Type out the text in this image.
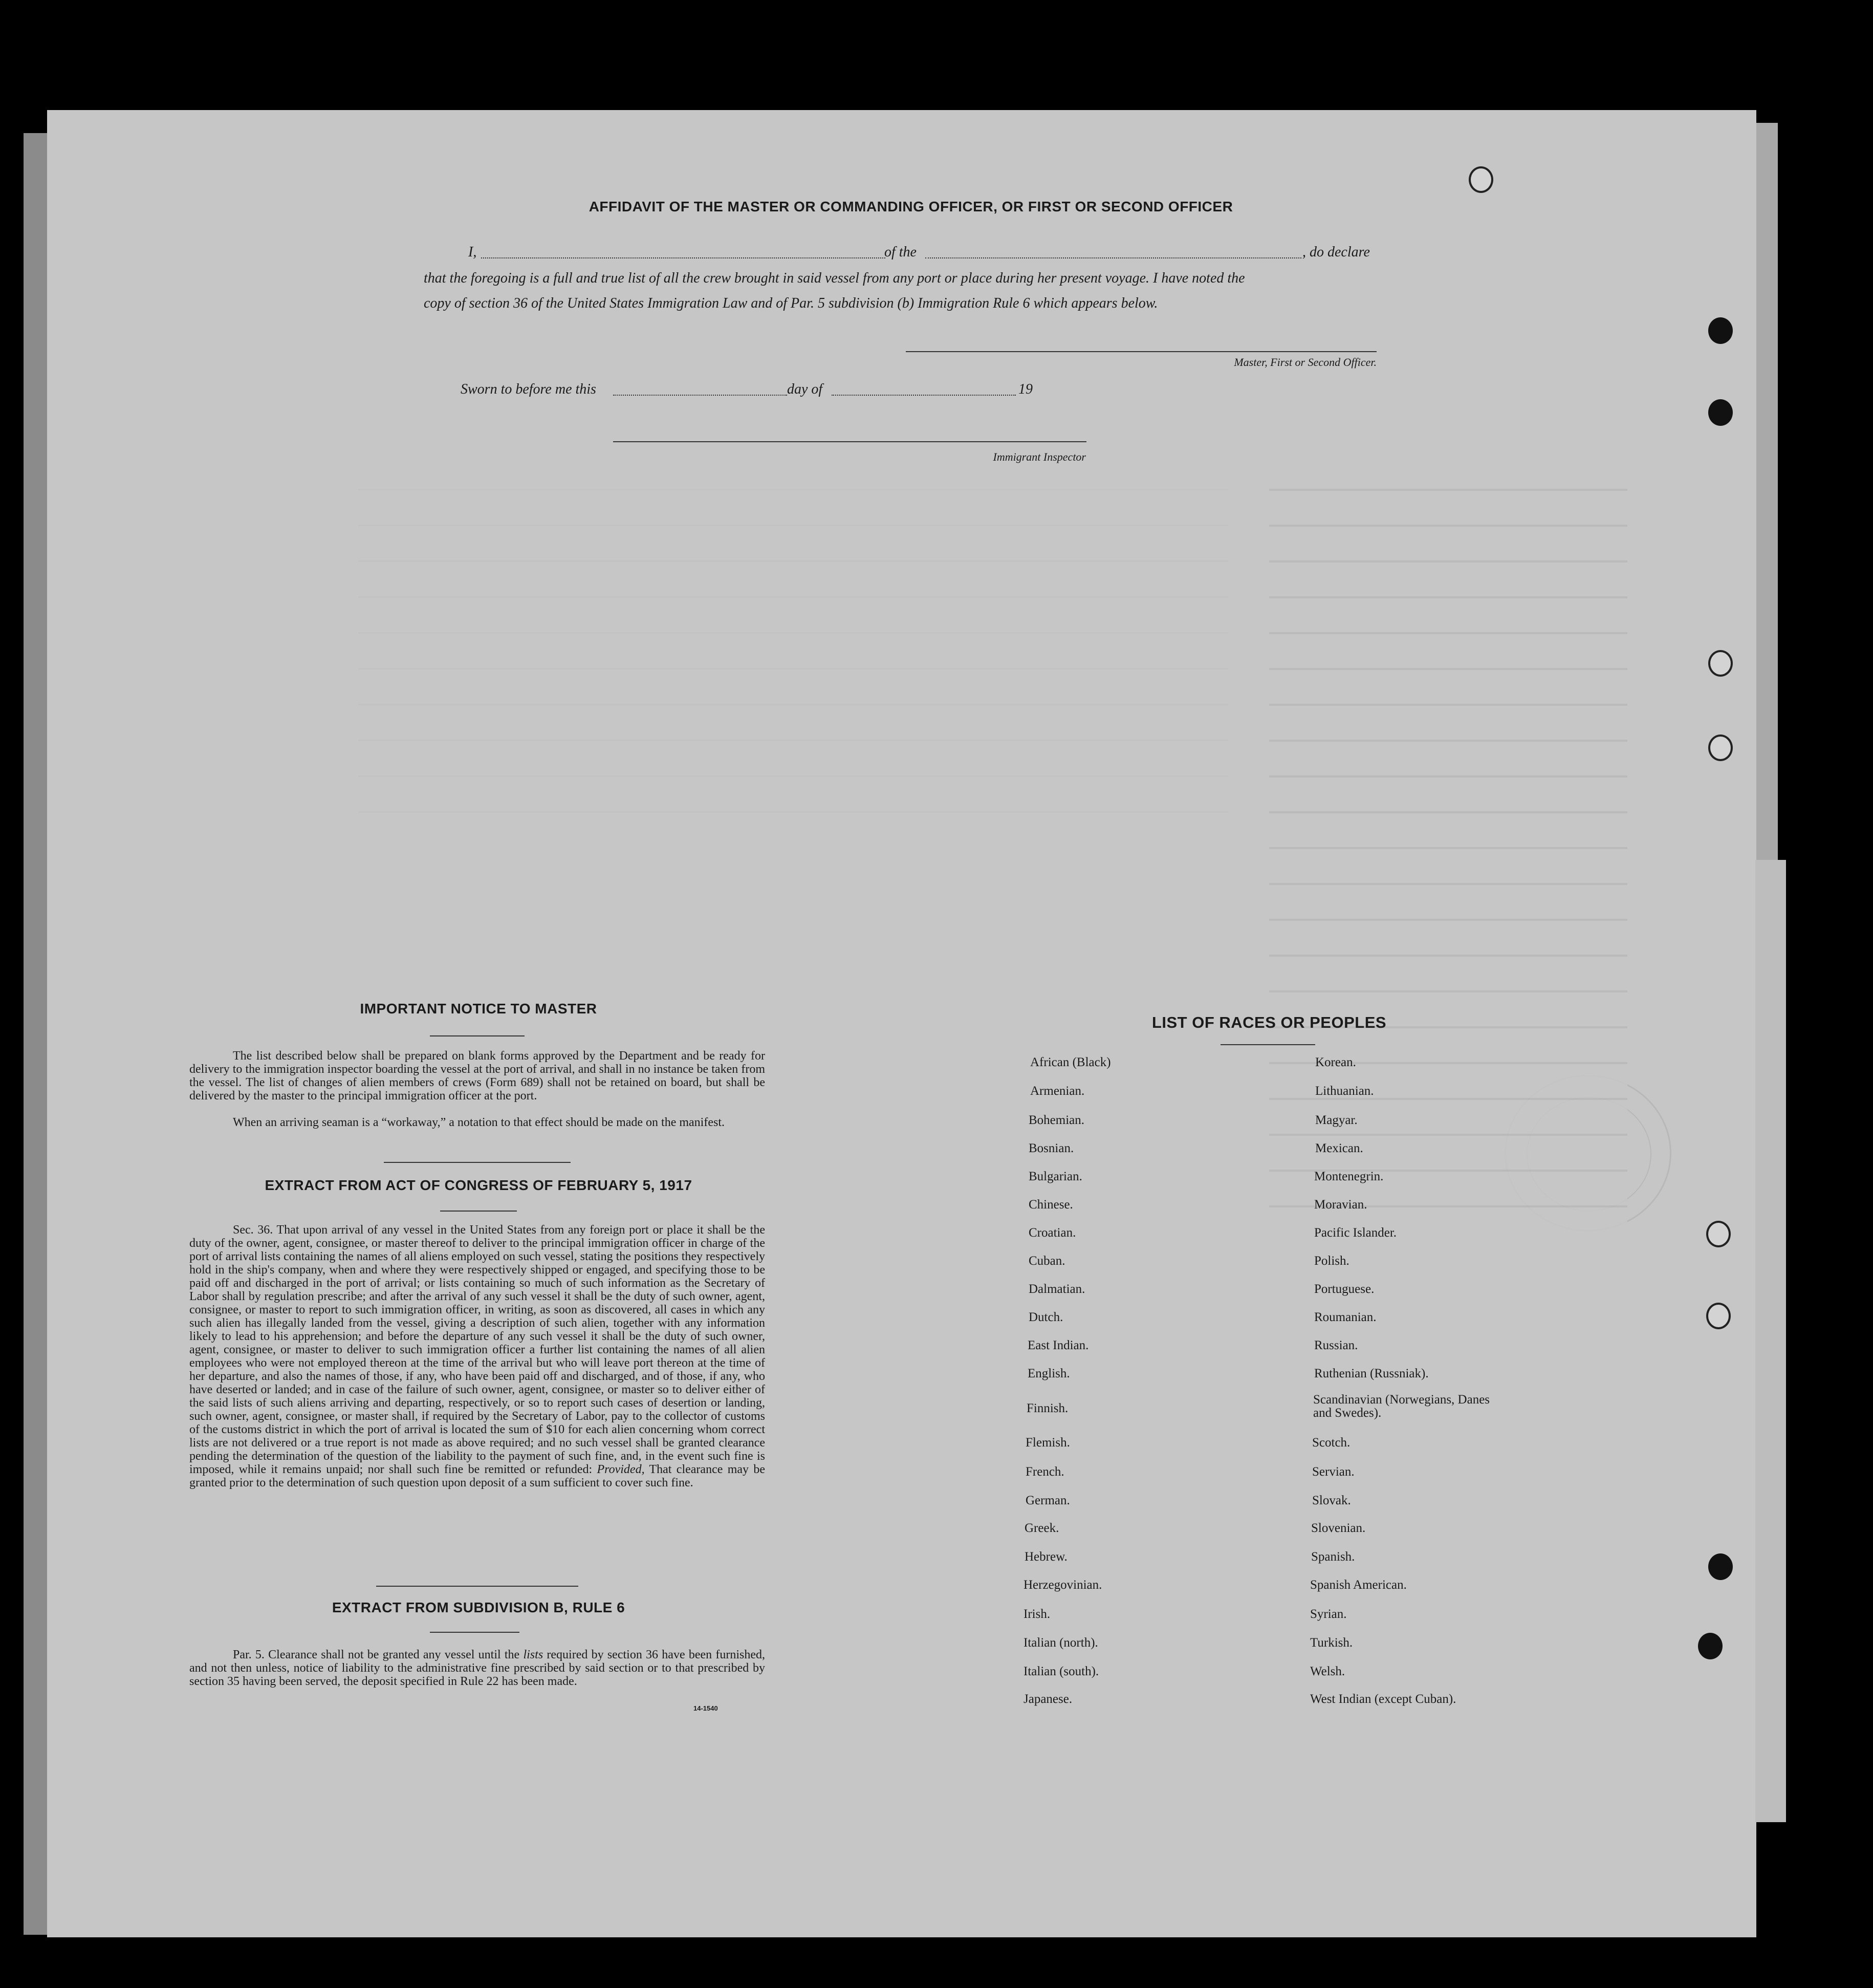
AFFIDAVIT OF THE MASTER OR COMMANDING OFFICER, OR FIRST OR SECOND OFFICER
I,	of the	, do declare
that the foregoing is a full and true list of all the crew brought in said vessel from any port or place during her present voyage. I have noted the
copy of section 36 of the United States Immigration Law and of Par. 5 subdivision (b) Immigration Rule 6 which appears below.
Master, First or Second Officer.
Sworn to before me this	day of	19
Immigrant Inspector
IMPORTANT NOTICE TO MASTER
The list described below shall be prepared on blank forms approved by the Department and be ready for delivery to the immigration inspector boarding the vessel at the port of arrival, and shall in no instance be taken from the vessel. The list of changes of alien members of crews (Form 689) shall not be retained on board, but shall be delivered by the master to the principal immigration officer at the port.
When an arriving seaman is a “workaway,” a notation to that effect should be made on the manifest.
EXTRACT FROM ACT OF CONGRESS OF FEBRUARY 5, 1917
Sec. 36. That upon arrival of any vessel in the United States from any foreign port or place it shall be the duty of the owner, agent, consignee, or master thereof to deliver to the principal immigration officer in charge of the port of arrival lists containing the names of all aliens employed on such vessel, stating the positions they respectively hold in the ship's company, when and where they were respectively shipped or engaged, and specifying those to be paid off and discharged in the port of arrival; or lists containing so much of such information as the Secretary of Labor shall by regulation prescribe; and after the arrival of any such vessel it shall be the duty of such owner, agent, consignee, or master to report to such immigration officer, in writing, as soon as discovered, all cases in which any such alien has illegally landed from the vessel, giving a description of such alien, together with any information likely to lead to his apprehension; and before the departure of any such vessel it shall be the duty of such owner, agent, consignee, or master to deliver to such immigration officer a further list containing the names of all alien employees who were not employed thereon at the time of the arrival but who will leave port thereon at the time of her departure, and also the names of those, if any, who have been paid off and discharged, and of those, if any, who have deserted or landed; and in case of the failure of such owner, agent, consignee, or master so to deliver either of the said lists of such aliens arriving and departing, respectively, or so to report such cases of desertion or landing, such owner, agent, consignee, or master shall, if required by the Secretary of Labor, pay to the collector of customs of the customs district in which the port of arrival is located the sum of $10 for each alien concerning whom correct lists are not delivered or a true report is not made as above required; and no such vessel shall be granted clearance pending the determination of the question of the liability to the payment of such fine, and, in the event such fine is imposed, while it remains unpaid; nor shall such fine be remitted or refunded: Provided, That clearance may be granted prior to the determination of such question upon deposit of a sum sufficient to cover such fine.
EXTRACT FROM SUBDIVISION B, RULE 6
Par. 5. Clearance shall not be granted any vessel until the lists required by section 36 have been furnished, and not then unless, notice of liability to the administrative fine prescribed by said section or to that prescribed by section 35 having been served, the deposit specified in Rule 22 has been made.
14-1540
LIST OF RACES OR PEOPLES
African (Black)
Armenian.
Bohemian.
Bosnian.
Bulgarian.
Chinese.
Croatian.
Cuban.
Dalmatian.
Dutch.
East Indian.
English.
Finnish.
Flemish.
French.
German.
Greek.
Hebrew.
Herzegovinian.
Irish.
Italian (north).
Italian (south).
Japanese.
Korean.
Lithuanian.
Magyar.
Mexican.
Montenegrin.
Moravian.
Pacific Islander.
Polish.
Portuguese.
Roumanian.
Russian.
Ruthenian (Russniak).
Scandinavian (Norwegians, Danes and Swedes).
Scotch.
Servian.
Slovak.
Slovenian.
Spanish.
Spanish American.
Syrian.
Turkish.
Welsh.
West Indian (except Cuban).
